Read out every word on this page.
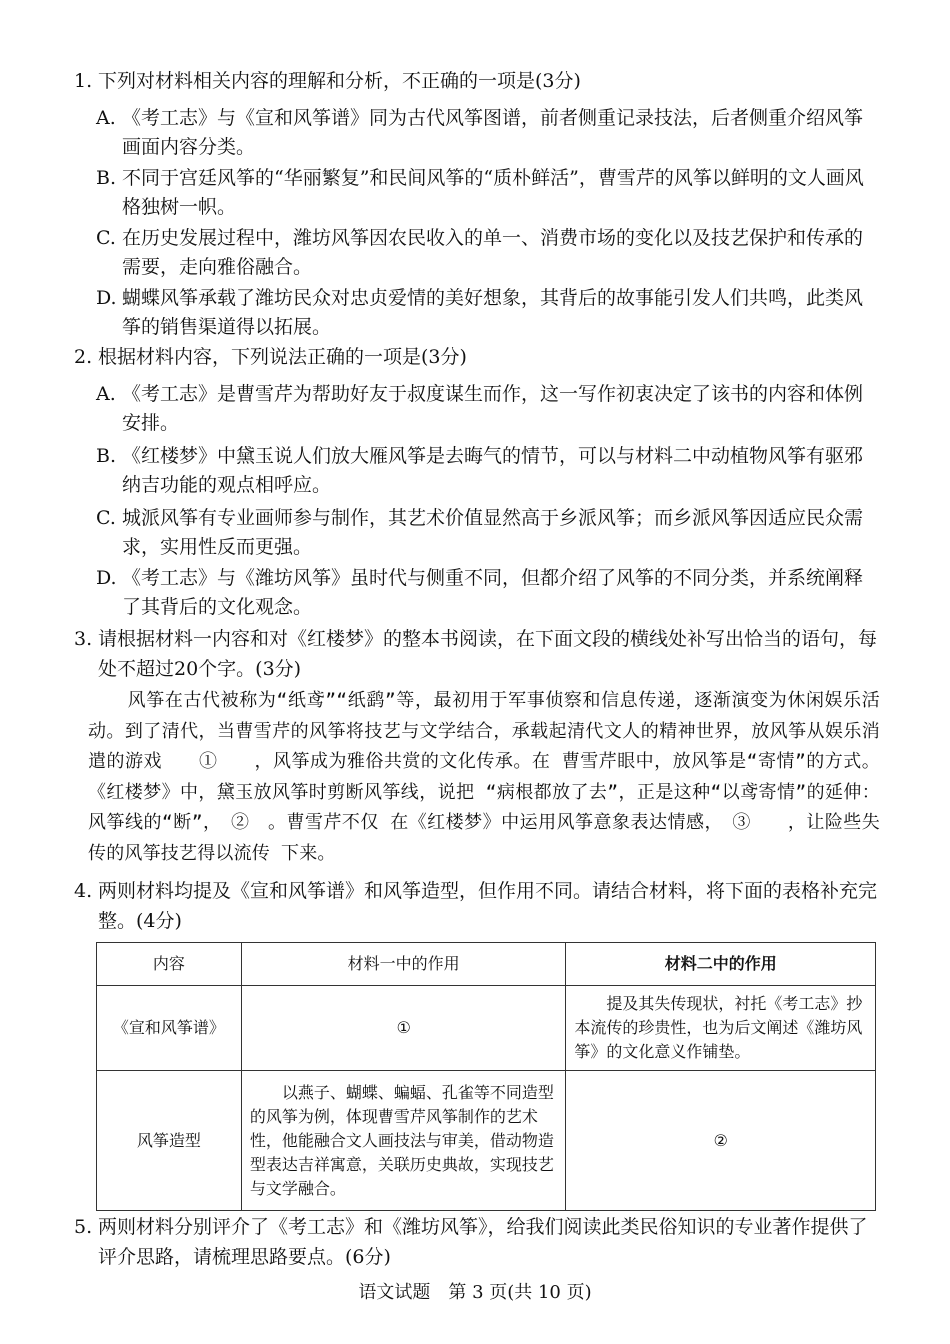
1. 下列对材料相关内容的理解和分析，不正确的一项是(3分)
A. 《考工志》与《宣和风筝谱》同为古代风筝图谱，前者侧重记录技法，后者侧重介绍风筝画面内容分类。
B. 不同于宫廷风筝的“华丽繁复”和民间风筝的“质朴鲜活”，曹雪芹的风筝以鲜明的文人画风格独树一帜。
C. 在历史发展过程中，潍坊风筝因农民收入的单一、消费市场的变化以及技艺保护和传承的需要，走向雅俗融合。
D. 蝴蝶风筝承载了潍坊民众对忠贞爱情的美好想象，其背后的故事能引发人们共鸣，此类风筝的销售渠道得以拓展。
2. 根据材料内容，下列说法正确的一项是(3分)
A. 《考工志》是曹雪芹为帮助好友于叔度谋生而作，这一写作初衷决定了该书的内容和体例安排。
B. 《红楼梦》中黛玉说人们放大雁风筝是去晦气的情节，可以与材料二中动植物风筝有驱邪纳吉功能的观点相呼应。
C. 城派风筝有专业画师参与制作，其艺术价值显然高于乡派风筝；而乡派风筝因适应民众需求，实用性反而更强。
D. 《考工志》与《潍坊风筝》虽时代与侧重不同，但都介绍了风筝的不同分类，并系统阐释了其背后的文化观念。
3. 请根据材料一内容和对《红楼梦》的整本书阅读，在下面文段的横线处补写出恰当的语句，每处不超过20个字。(3分)

风筝在古代被称为“纸鸢”“纸鹞”等，最初用于军事侦察和信息传递，逐渐演变为休闲娱乐活动。到了清代，当曹雪芹的风筝将技艺与文学结合，承载起清代文人的精神世界，放风筝从娱乐消遣的游戏　　①　　，风筝成为雅俗共赏的文化传承。在 曹雪芹眼中，放风筝是“寄情”的方式。《红楼梦》中，黛玉放风筝时剪断风筝线，说把 “病根都放了去”，正是这种“以鸢寄情”的延伸：风筝线的“断”，　②　。曹雪芹不仅 在《红楼梦》中运用风筝意象表达情感，　③　　，让险些失传的风筝技艺得以流传 下来。

4. 两则材料均提及《宣和风筝谱》和风筝造型，但作用不同。请结合材料，将下面的表格补充完整。(4分)
内容	材料一中的作用	材料二中的作用
《宣和风筝谱》	①	提及其失传现状，衬托《考工志》抄本流传的珍贵性，也为后文阐述《潍坊风筝》的文化意义作铺垫。
风筝造型	以燕子、蝴蝶、蝙蝠、孔雀等不同造型的风筝为例，体现曹雪芹风筝制作的艺术性，他能融合文人画技法与审美，借动物造型表达吉祥寓意，关联历史典故，实现技艺与文学融合。	②
5. 两则材料分别评介了《考工志》和《潍坊风筝》，给我们阅读此类民俗知识的专业著作提供了评介思路，请梳理思路要点。(6分)
语文试题　第 3 页(共 10 页)
